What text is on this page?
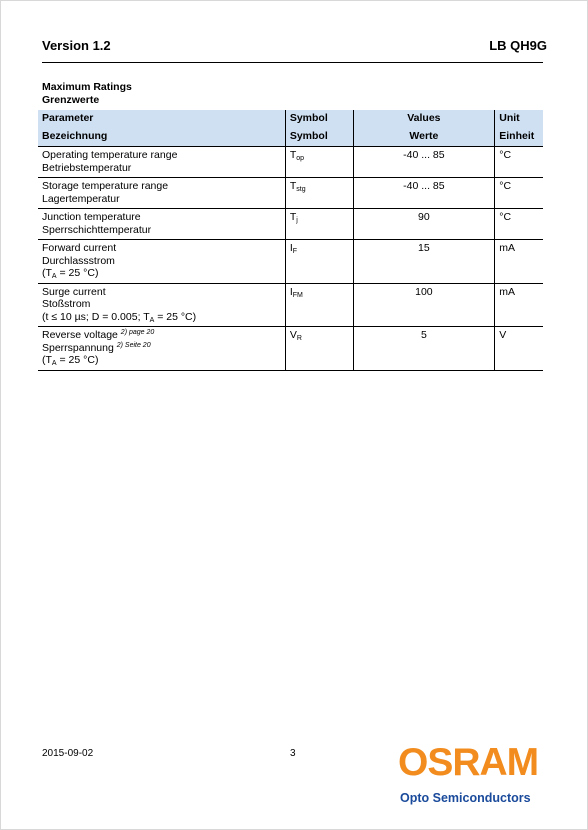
Version 1.2	LB QH9G
Maximum Ratings
Grenzwerte
Parameter	Symbol	Values	Unit
Bezeichnung	Symbol	Werte	Einheit

Operating temperature range
Betriebstemperatur	$T_{op}$	-40 ... 85	°C

Storage temperature range
Lagertemperatur	$T_{stg}$	-40 ... 85	°C

Junction temperature
Sperrschichttemperatur	$T_j$	90	°C

Forward current
Durchlassstrom
($T_A = 25$ °C)	$I_F$	15	mA

Surge current
Stoßstrom
(t ≤ 10 µs; D = 0.005; $T_A = 25$ °C)	$I_{FM}$	100	mA

Reverse voltage $^{2) page 20}$
Sperrspannung $^{2) Seite 20}$
($T_A = 25$ °C)	$V_R$	5	V
2015-09-02	3	OSRAM
Opto Semiconductors
